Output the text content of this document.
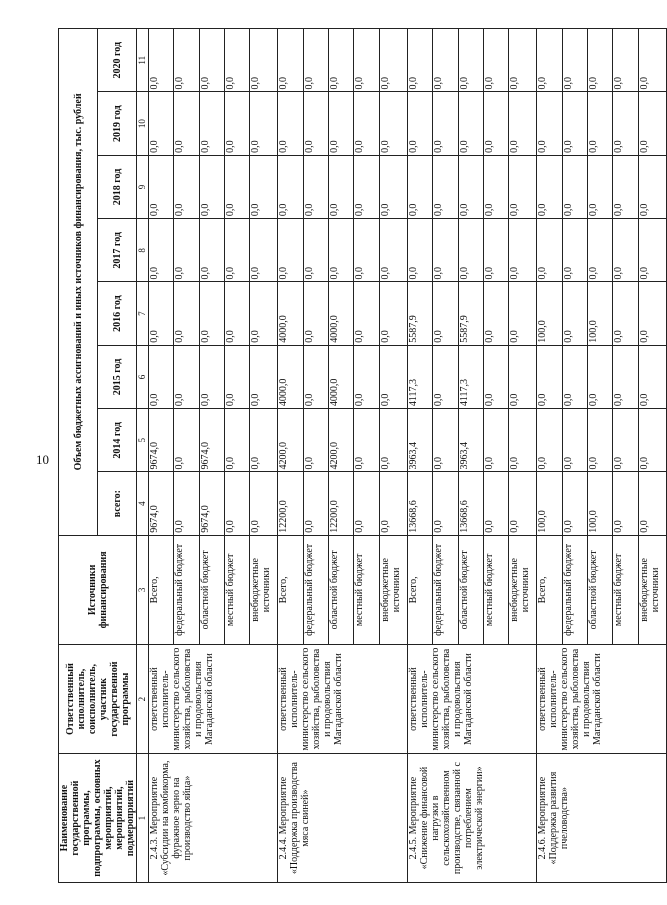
10
Наименование государственной программы, подпрограммы, основных мероприятий, мероприятий, подмероприятий	Ответственный исполнитель, соисполнитель, участник государственной программы	Источники финансирования	Объем бюджетных ассигнований и иных источников финансирования, тыс. рублей							
			всего:	2014 год	2015 год	2016 год	2017 год	2018 год	2019 год	2020 год
1	2	3	4	5	6	7	8	9	10	11
2.4.3. Мероприятие «Субсидии на комбикорма, фуражное зерно на производство яйца»	ответственный исполнитель- министерство сельского хозяйства, рыболовства и продовольствия Магаданской области	Всего,	9674,0	9674,0	0,0	0,0	0,0	0,0	0,0	0,0
		федеральный бюджет	0,0	0,0	0,0	0,0	0,0	0,0	0,0	0,0
		областной бюджет	9674,0	9674,0	0,0	0,0	0,0	0,0	0,0	0,0
		местный бюджет	0,0	0,0	0,0	0,0	0,0	0,0	0,0	0,0
		внебюджетные источники	0,0	0,0	0,0	0,0	0,0	0,0	0,0	0,0
2.4.4. Мероприятие «Поддержка производства мяса свиней»	ответственный исполнитель- министерство сельского хозяйства, рыболовства и продовольствия Магаданской области	Всего,	12200,0	4200,0	4000,0	4000,0	0,0	0,0	0,0	0,0
		федеральный бюджет	0,0	0,0	0,0	0,0	0,0	0,0	0,0	0,0
		областной бюджет	12200,0	4200,0	4000,0	4000,0	0,0	0,0	0,0	0,0
		местный бюджет	0,0	0,0	0,0	0,0	0,0	0,0	0,0	0,0
		внебюджетные источники	0,0	0,0	0,0	0,0	0,0	0,0	0,0	0,0
2.4.5. Мероприятие «Снижение финансовой нагрузки в сельскохозяйственном производстве, связанной с потреблением электрической энергии»	ответственный исполнитель- министерство сельского хозяйства, рыболовства и продовольствия Магаданской области	Всего,	13668,6	3963,4	4117,3	5587,9	0,0	0,0	0,0	0,0
		федеральный бюджет	0,0	0,0	0,0	0,0	0,0	0,0	0,0	0,0
		областной бюджет	13668,6	3963,4	4117,3	5587,9	0,0	0,0	0,0	0,0
		местный бюджет	0,0	0,0	0,0	0,0	0,0	0,0	0,0	0,0
		внебюджетные источники	0,0	0,0	0,0	0,0	0,0	0,0	0,0	0,0
2.4.6. Мероприятие «Поддержка развития пчеловодства»	ответственный исполнитель- министерство сельского хозяйства, рыболовства и продовольствия Магаданской области	Всего,	100,0	0,0	0,0	100,0	0,0	0,0	0,0	0,0
		федеральный бюджет	0,0	0,0	0,0	0,0	0,0	0,0	0,0	0,0
		областной бюджет	100,0	0,0	0,0	100,0	0,0	0,0	0,0	0,0
		местный бюджет	0,0	0,0	0,0	0,0	0,0	0,0	0,0	0,0
		внебюджетные источники	0,0	0,0	0,0	0,0	0,0	0,0	0,0	0,0
